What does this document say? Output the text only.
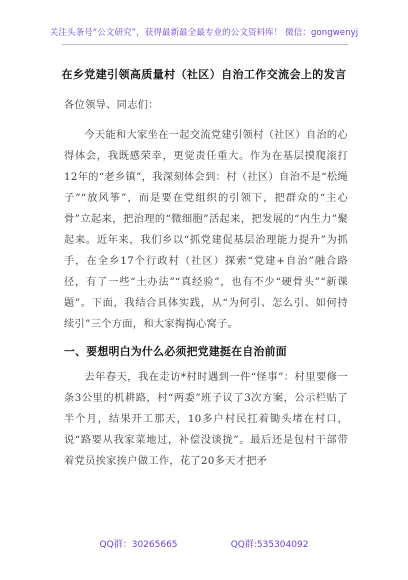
关注头条号“公文研究”，获得最新最全最专业的公文资料库！ 微信：gongwenyj
在乡党建引领高质量村（社区）自治工作交流会上的发言

各位领导、同志们：

今天能和大家坐在一起交流党建引领村（社区）自治的心得体会，我既感荣幸，更觉责任重大。作为在基层摸爬滚打12年的“老乡镇”，我深刻体会到：村（社区）自治不是“松绳子”“放风筝”，而是要在党组织的引领下，把群众的“主心骨”立起来，把治理的“微细胞”活起来，把发展的“内生力”聚起来。近年来，我们乡以“抓党建促基层治理能力提升”为抓手，在全乡17个行政村（社区）探索“党建+自治”融合路径，有了一些“土办法”“真经验”，也有不少“硬骨头”“新课题”。下面，我结合具体实践，从“为何引、怎么引、如何持续引”三个方面，和大家掏掏心窝子。

一、要想明白为什么必须把党建挺在自治前面

去年春天，我在走访*村时遇到一件“怪事”：村里要修一条3公里的机耕路，村“两委”班子议了3次方案，公示栏贴了半个月，结果开工那天，10多户村民扛着锄头堵在村口，说“路要从我家菜地过，补偿没谈拢”。最后还是包村干部带着党员挨家挨户做工作，花了20多天才把矛

QQ群：30265665	QQ群:535304092
